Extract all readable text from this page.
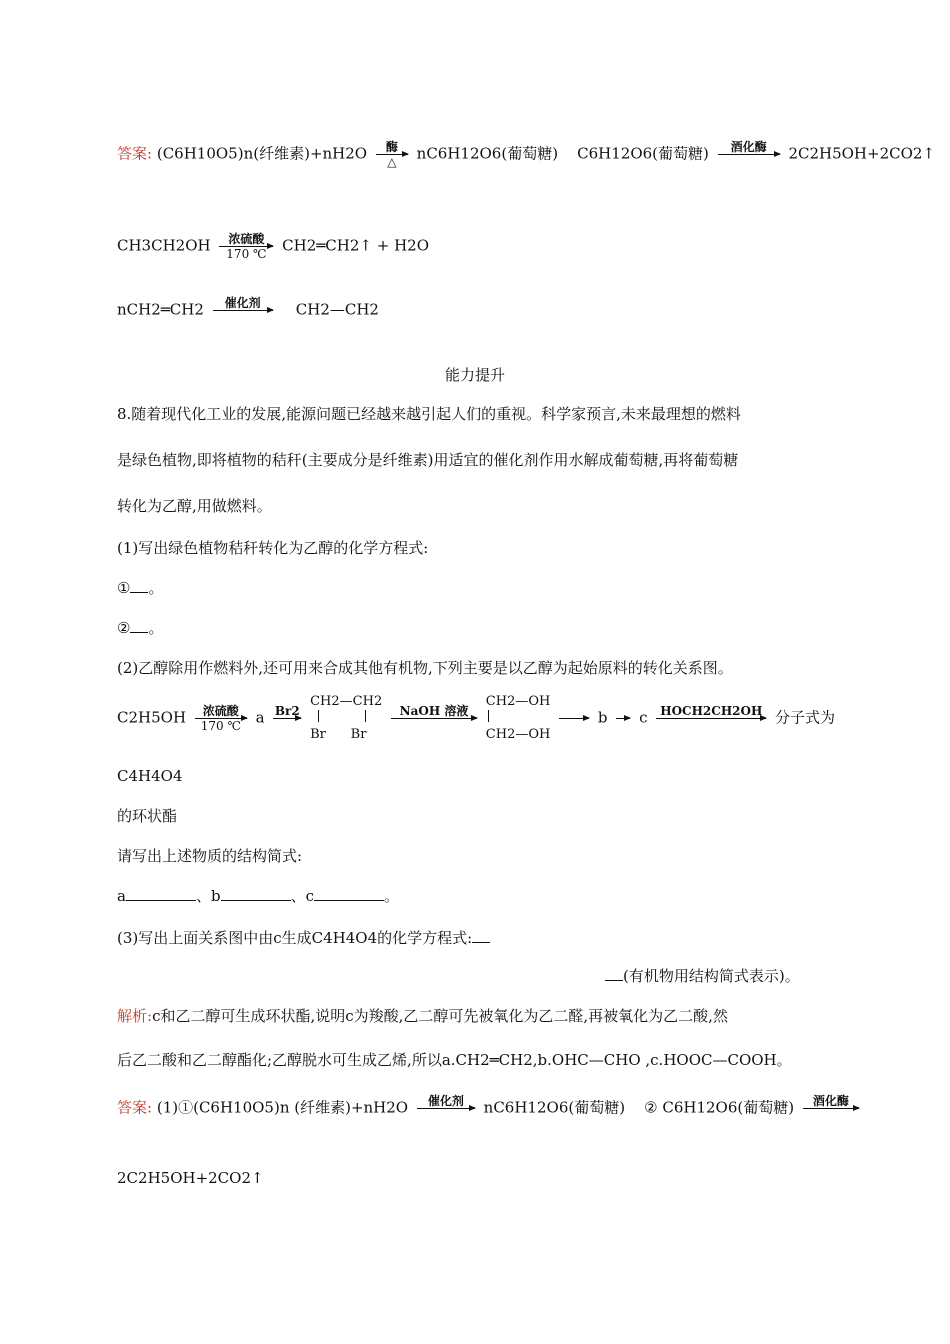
答案: (C6H10O5)n(纤维素)+nH2O	酶
△	nC6H12O6(葡萄糖) C6H12O6(葡萄糖)	酒化酶
	2C2H5OH+2CO2↑
CH3CH2OH	浓硫酸
170 ℃	CH2═CH2↑ + H2O
nCH2═CH2	催化剂
	CH2—CH2
能力提升
8.随着现代化工业的发展,能源问题已经越来越引起人们的重视。科学家预言,未来最理想的燃料
是绿色植物,即将植物的秸秆(主要成分是纤维素)用适宜的催化剂作用水解成葡萄糖,再将葡萄糖
转化为乙醇,用做燃料。
(1)写出绿色植物秸秆转化为乙醇的化学方程式:
① 。
② 。
(2)乙醇除用作燃料外,还可用来合成其他有机物,下列主要是以乙醇为起始原料的转化关系图。
C2H5OH	浓硫酸
170 ℃ a Br2

CH2—CH2

Br      Br
NaOH 溶液

CH2—OH

CH2—OH

b

c	HOCH2CH2OH
分子式为
C4H4O4
的环状酯
请写出上述物质的结构简式:
a	、b	、c	。
(3)写出上面关系图中由c生成C4H4O4的化学方程式:
(有机物用结构简式表示)。
解析:c和乙二醇可生成环状酯,说明c为羧酸,乙二醇可先被氧化为乙二醛,再被氧化为乙二酸,然
后乙二酸和乙二醇酯化;乙醇脱水可生成乙烯,所以a.CH2═CH2,b.OHC—CHO ,c.HOOC—COOH。
答案: (1)①(C6H10O5)n (纤维素)+nH2O	催化剂
	nC6H12O6(葡萄糖) ② C6H12O6(葡萄糖)	酒化酶

2C2H5OH+2CO2↑
